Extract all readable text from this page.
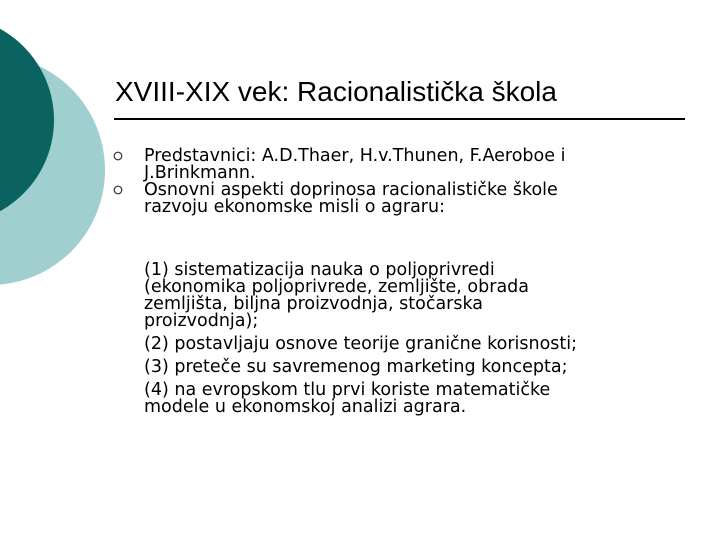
XVIII-XIX vek: Racionalistička škola
Predstavnici: A.D.Thaer, H.v.Thunen, F.Aeroboe i
J.Brinkmann.
Osnovni aspekti doprinosa racionalističke škole
razvoju ekonomske misli o agraru:
(1) sistematizacija nauka o poljoprivredi
(ekonomika poljoprivrede, zemljište, obrada
zemljišta, biljna proizvodnja, stočarska
proizvodnja);
(2) postavljaju osnove teorije granične korisnosti;
(3) preteče su savremenog marketing koncepta;
(4) na evropskom tlu prvi koriste matematičke
modele u ekonomskoj analizi agrara.
